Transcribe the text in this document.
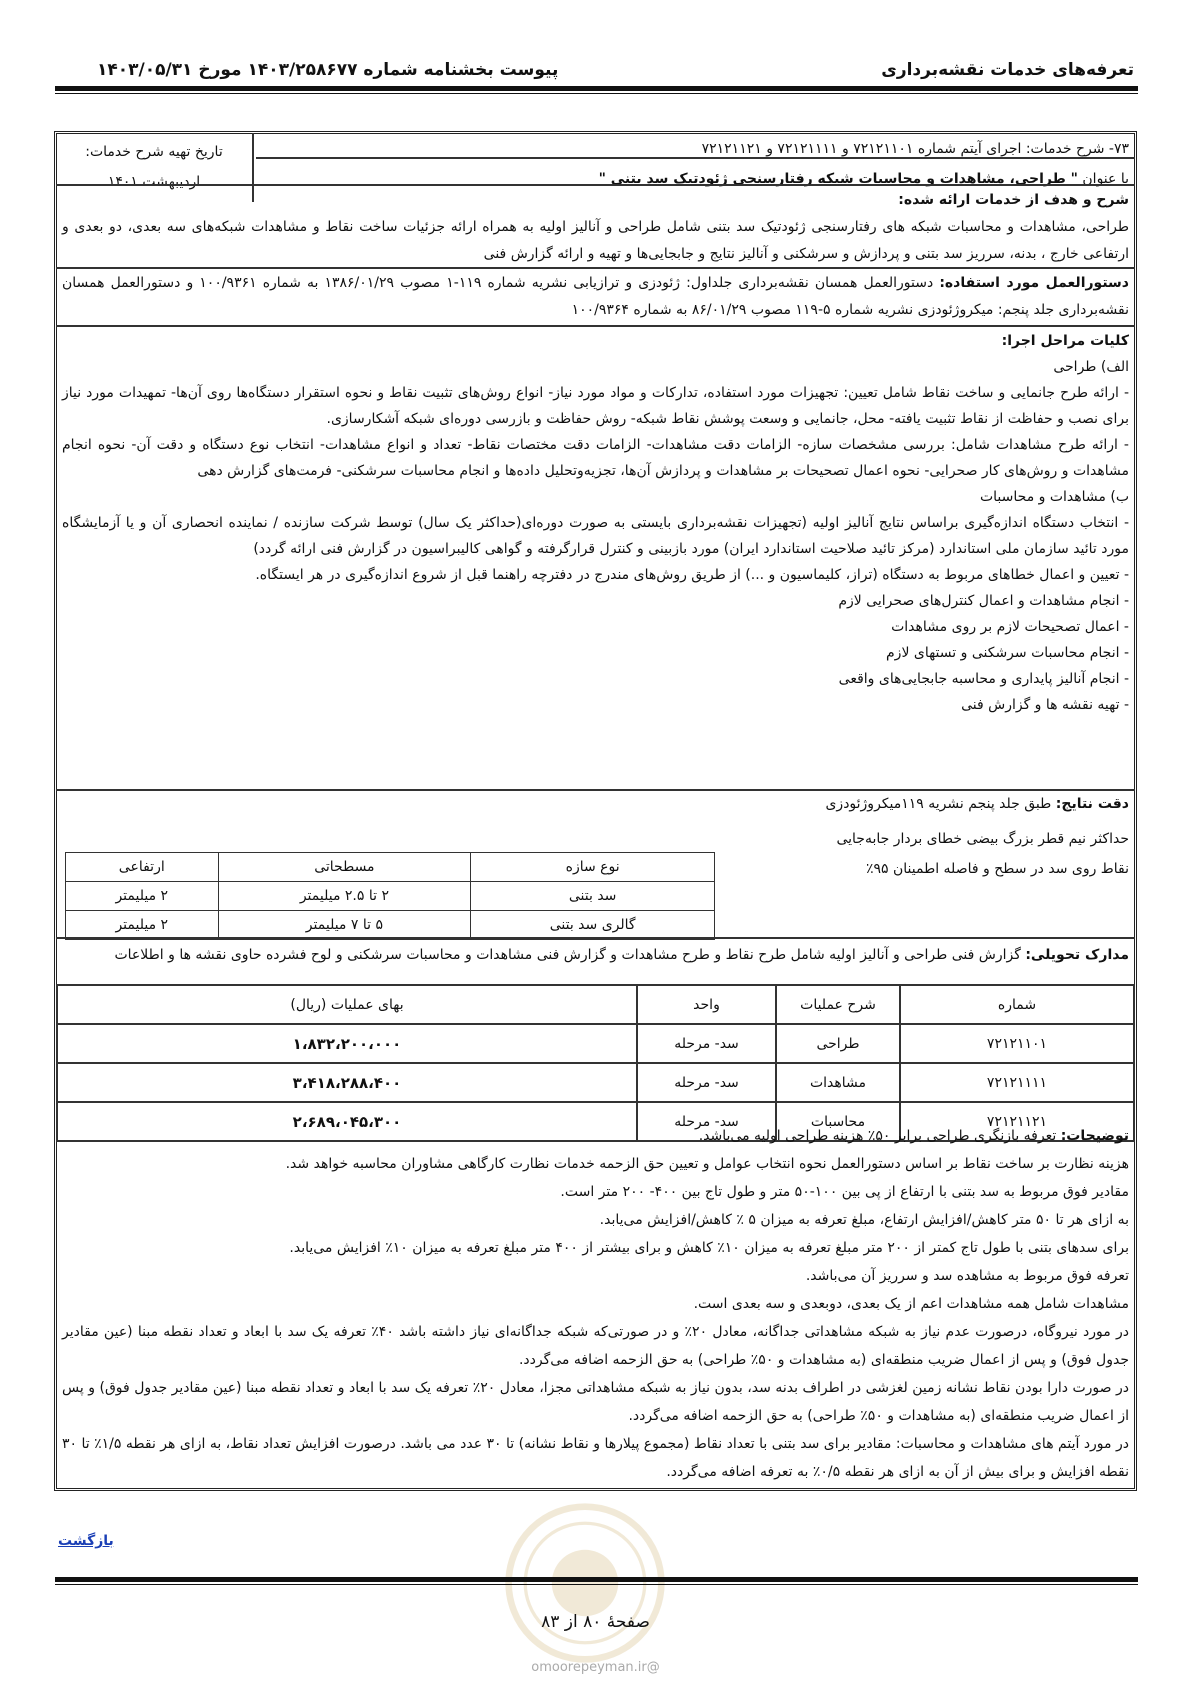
تعرفه‌های خدمات نقشه‌برداری
پیوست بخشنامه شماره ۱۴۰۳/۲۵۸۶۷۷ مورخ ۱۴۰۳/۰۵/۳۱
تاریخ تهیه شرح خدمات:
اردیبهشت ۱۴۰۱
۷۳- شرح خدمات: اجرای آیتم شماره ۷۲۱۲۱۱۰۱ و ۷۲۱۲۱۱۱۱ و ۷۲۱۲۱۱۲۱
با عنوان " طراحی، مشاهدات و محاسبات شبکه رفتارسنجی ژئودتیک سد بتنی "
شرح و هدف از خدمات ارائه شده:
طراحی، مشاهدات و محاسبات شبکه های رفتارسنجی ژئودتیک سد بتنی شامل طراحی و آنالیز اولیه به همراه ارائه جزئیات ساخت نقاط و مشاهدات شبکه‌های سه بعدی، دو بعدی و ارتفاعی خارج ، بدنه، سرریز سد بتنی و پردازش و سرشکنی و آنالیز نتایج و جابجایی‌ها و تهیه و ارائه گزارش فنی
دستورالعمل مورد استفاده: دستورالعمل همسان نقشه‌برداری جلداول: ژئودزی و ترازیابی نشریه شماره ۱۱۹-۱ مصوب ۱۳۸۶/۰۱/۲۹ به شماره ۱۰۰/۹۳۶۱ و دستورالعمل همسان نقشه‌برداری جلد پنجم: میکروژئودزی نشریه شماره ۵-۱۱۹ مصوب ۸۶/۰۱/۲۹ به شماره ۱۰۰/۹۳۶۴
کلیات مراحل اجرا:
الف) طراحی
- ارائه طرح جانمایی و ساخت نقاط شامل تعیین: تجهیزات مورد استفاده، تدارکات و مواد مورد نیاز- انواع روش‌های تثبیت نقاط و نحوه استقرار دستگاه‌ها روی آن‌ها- تمهیدات مورد نیاز برای نصب و حفاظت از نقاط تثبیت یافته- محل، جانمایی و وسعت پوشش نقاط شبکه- روش حفاظت و بازرسی دوره‌ای شبکه آشکارسازی.
- ارائه طرح مشاهدات شامل: بررسی مشخصات سازه- الزامات دقت مشاهدات- الزامات دقت مختصات نقاط- تعداد و انواع مشاهدات- انتخاب نوع دستگاه و دقت آن- نحوه انجام مشاهدات و روش‌های کار صحرایی- نحوه اعمال تصحیحات بر مشاهدات و پردازش آن‌ها، تجزیه‌وتحلیل داده‌ها و انجام محاسبات سرشکنی- فرمت‌های گزارش دهی
ب) مشاهدات و محاسبات
- انتخاب دستگاه اندازه‌گیری براساس نتایج آنالیز اولیه (تجهیزات نقشه‌برداری بایستی به صورت دوره‌ای(حداکثر یک سال) توسط شرکت سازنده / نماینده انحصاری آن و یا آزمایشگاه مورد تائید سازمان ملی استاندارد (مرکز تائید صلاحیت استاندارد ایران) مورد بازبینی و کنترل قرارگرفته و گواهی کالیبراسیون در گزارش فنی ارائه گردد)
- تعیین و اعمال خطاهای مربوط به دستگاه (تراز، کلیماسیون و ...) از طریق روش‌های مندرج در دفترچه راهنما قبل از شروع اندازه‌گیری در هر ایستگاه.
- انجام مشاهدات و اعمال کنترل‌های صحرایی لازم
- اعمال تصحیحات لازم بر روی مشاهدات
- انجام محاسبات سرشکنی و تستهای لازم
- انجام آنالیز پایداری و محاسبه جابجایی‌های واقعی
- تهیه نقشه ها و گزارش فنی
دقت نتایج: طبق جلد پنجم نشریه ۱۱۹میکروژئودزی
حداکثر نیم قطر بزرگ بیضی خطای بردار جابه‌جایی
نقاط روی سد در سطح و فاصله اطمینان ۹۵٪
نوع سازه	مسطحاتی	ارتفاعی
سد بتنی	۲ تا ۲.۵ میلیمتر	۲ میلیمتر
گالری سد بتنی	۵ تا ۷ میلیمتر	۲ میلیمتر
مدارک تحویلی: گزارش فنی طراحی و آنالیز اولیه شامل طرح نقاط و طرح مشاهدات و گزارش فنی مشاهدات و محاسبات سرشکنی و لوح فشرده حاوی نقشه ها و اطلاعات
شماره	شرح عملیات	واحد	بهای عملیات (ریال)
۷۲۱۲۱۱۰۱	طراحی	سد- مرحله	۱،۸۳۲،۲۰۰،۰۰۰
۷۲۱۲۱۱۱۱	مشاهدات	سد- مرحله	۳،۴۱۸،۲۸۸،۴۰۰
۷۲۱۲۱۱۲۱	محاسبات	سد- مرحله	۲،۶۸۹،۰۴۵،۳۰۰
توضیحات: تعرفه بازنگری طراحی برابر ۵۰٪ هزینه طراحی اولیه می‌باشد.
هزینه نظارت بر ساخت نقاط بر اساس دستورالعمل نحوه انتخاب عوامل و تعیین حق الزحمه خدمات نظارت کارگاهی مشاوران محاسبه خواهد شد.
مقادیر فوق مربوط به سد بتنی با ارتفاع از پی بین ۱۰۰-۵۰ متر و طول تاج بین ۴۰۰- ۲۰۰ متر است.
به ازای هر تا ۵۰ متر کاهش/افزایش ارتفاع، مبلغ تعرفه به میزان ۵ ٪ کاهش/افزایش می‌یابد.
برای سدهای بتنی با طول تاج کمتر از ۲۰۰ متر مبلغ تعرفه به میزان ۱۰٪ کاهش و برای بیشتر از ۴۰۰ متر مبلغ تعرفه به میزان ۱۰٪ افزایش می‌یابد.
تعرفه فوق مربوط به مشاهده سد و سرریز آن می‌باشد.
مشاهدات شامل همه مشاهدات اعم از یک بعدی، دوبعدی و سه بعدی است.
در مورد نیروگاه، درصورت عدم نیاز به شبکه مشاهداتی جداگانه، معادل ۲۰٪ و در صورتی‌که شبکه جداگانه‌ای نیاز داشته باشد ۴۰٪ تعرفه یک سد با ابعاد و تعداد نقطه مبنا (عین مقادیر جدول فوق) و پس از اعمال ضریب منطقه‌ای (به مشاهدات و ۵۰٪ طراحی) به حق الزحمه اضافه می‌گردد.
در صورت دارا بودن نقاط نشانه زمین لغزشی در اطراف بدنه سد، بدون نیاز به شبکه مشاهداتی مجزا، معادل ۲۰٪ تعرفه یک سد با ابعاد و تعداد نقطه مبنا (عین مقادیر جدول فوق) و پس از اعمال ضریب منطقه‌ای (به مشاهدات و ۵۰٪ طراحی) به حق الزحمه اضافه می‌گردد.
در مورد آیتم های مشاهدات و محاسبات: مقادیر برای سد بتنی با تعداد نقاط (مجموع پیلارها و نقاط نشانه) تا ۳۰ عدد می باشد. درصورت افزایش تعداد نقاط، به ازای هر نقطه ۱/۵٪ تا ۳۰ نقطه افزایش و برای بیش از آن به ازای هر نقطه ۰/۵٪ به تعرفه اضافه می‌گردد.
بازگشت
صفحۀ ۸۰ از ۸۳
@omoorepeyman.ir
